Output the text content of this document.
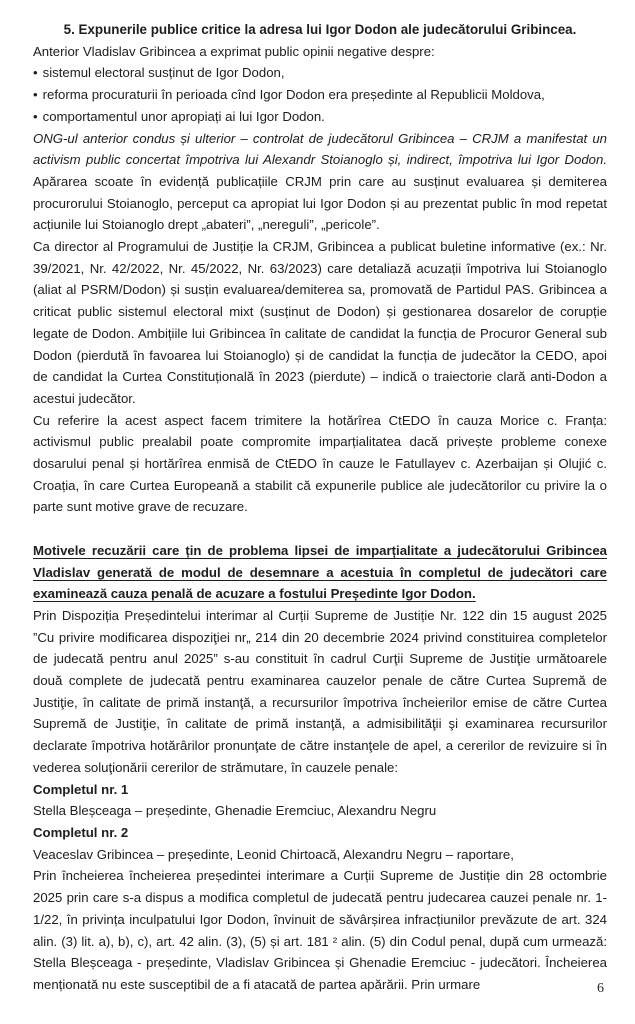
5. Expunerile publice critice la adresa lui Igor Dodon ale judecătorului Gribincea.

Anterior Vladislav Gribincea a exprimat public opinii negative despre:

• sistemul electoral susținut de Igor Dodon,

• reforma procuraturii în perioada cînd Igor Dodon era președinte al Republicii Moldova,

• comportamentul unor apropiați ai lui Igor Dodon.

ONG-ul anterior condus și ulterior – controlat de judecătorul Gribincea – CRJM a manifestat un activism public concertat împotriva lui Alexandr Stoianoglo și, indirect, împotriva lui Igor Dodon. Apărarea scoate în evidență publicațiile CRJM prin care au susținut evaluarea și demiterea procurorului Stoianoglo, perceput ca apropiat lui Igor Dodon și au prezentat public în mod repetat acțiunile lui Stoianoglo drept „abateri”, „nereguli”, „pericole”.

Ca director al Programului de Justiție la CRJM, Gribincea a publicat buletine informative (ex.: Nr. 39/2021, Nr. 42/2022, Nr. 45/2022, Nr. 63/2023) care detaliază acuzații împotriva lui Stoianoglo (aliat al PSRM/Dodon) și susțin evaluarea/demiterea sa, promovată de Partidul PAS. Gribincea a criticat public sistemul electoral mixt (susținut de Dodon) și gestionarea dosarelor de corupție legate de Dodon. Ambițiile lui Gribincea în calitate de candidat la funcția de Procuror General sub Dodon (pierdută în favoarea lui Stoianoglo) și de candidat la funcția de judecător la CEDO, apoi de candidat la Curtea Constituțională în 2023 (pierdute) – indică o traiectorie clară anti-Dodon a acestui judecător.

Cu referire la acest aspect facem trimitere la hotărîrea CtEDO în cauza Morice c. Franța: activismul public prealabil poate compromite imparțialitatea dacă privește probleme conexe dosarului penal și hortărîrea enmisă de CtEDO în cauze le Fatullayev c. Azerbaijan și Olujić c. Croația, în care Curtea Europeană a stabilit că expunerile publice ale judecătorilor cu privire la o parte sunt motive grave de recuzare.

Motivele recuzării care țin de problema lipsei de imparțialitate a judecătorului Gribincea Vladislav generată de modul de desemnare a acestuia în completul de judecători care examinează cauza penală de acuzare a fostului Președinte Igor Dodon.

Prin Dispoziția Președintelui interimar al Curții Supreme de Justiție Nr. 122 din 15 august 2025 ”Cu privire modificarea dispoziţiei nr„ 214 din 20 decembrie 2024 privind constituirea completelor de judecată pentru anul 2025” s-au constituit în cadrul Curţii Supreme de Justiţie următoarele două complete de judecată pentru examinarea cauzelor penale de către Curtea Supremă de Justiţie, în calitate de primă instanţă, a recursurilor împotriva încheierilor emise de către Curtea Supremă de Justiţie, în calitate de primă instanţă, a admisibilităţii şi examinarea recursurilor declarate împotriva hotărârilor pronunţate de către instanţele de apel, a cererilor de revizuire si în vederea soluţionării cererilor de strămutare, în cauzele penale:

Completul nr. 1

Stella Bleșceaga – președinte, Ghenadie Eremciuc, Alexandru Negru

Completul nr. 2

Veaceslav Gribincea – președinte, Leonid Chirtoacă, Alexandru Negru – raportare,

Prin încheierea încheierea președintei interimare a Curții Supreme de Justiție din 28 octombrie 2025 prin care s-a dispus a modifica completul de judecată pentru judecarea cauzei penale nr. 1-1/22, în privința inculpatului Igor Dodon, învinuit de săvârșirea infracțiunilor prevăzute de art. 324 alin. (3) lit. a), b), c), art. 42 alin. (3), (5) și art. 181 ² alin. (5) din Codul penal, după cum urmează: Stella Bleșceaga - președinte, Vladislav Gribincea și Ghenadie Eremciuc - judecători. Încheierea menționată nu este susceptibil de a fi atacată de partea apărării. Prin urmare	6
